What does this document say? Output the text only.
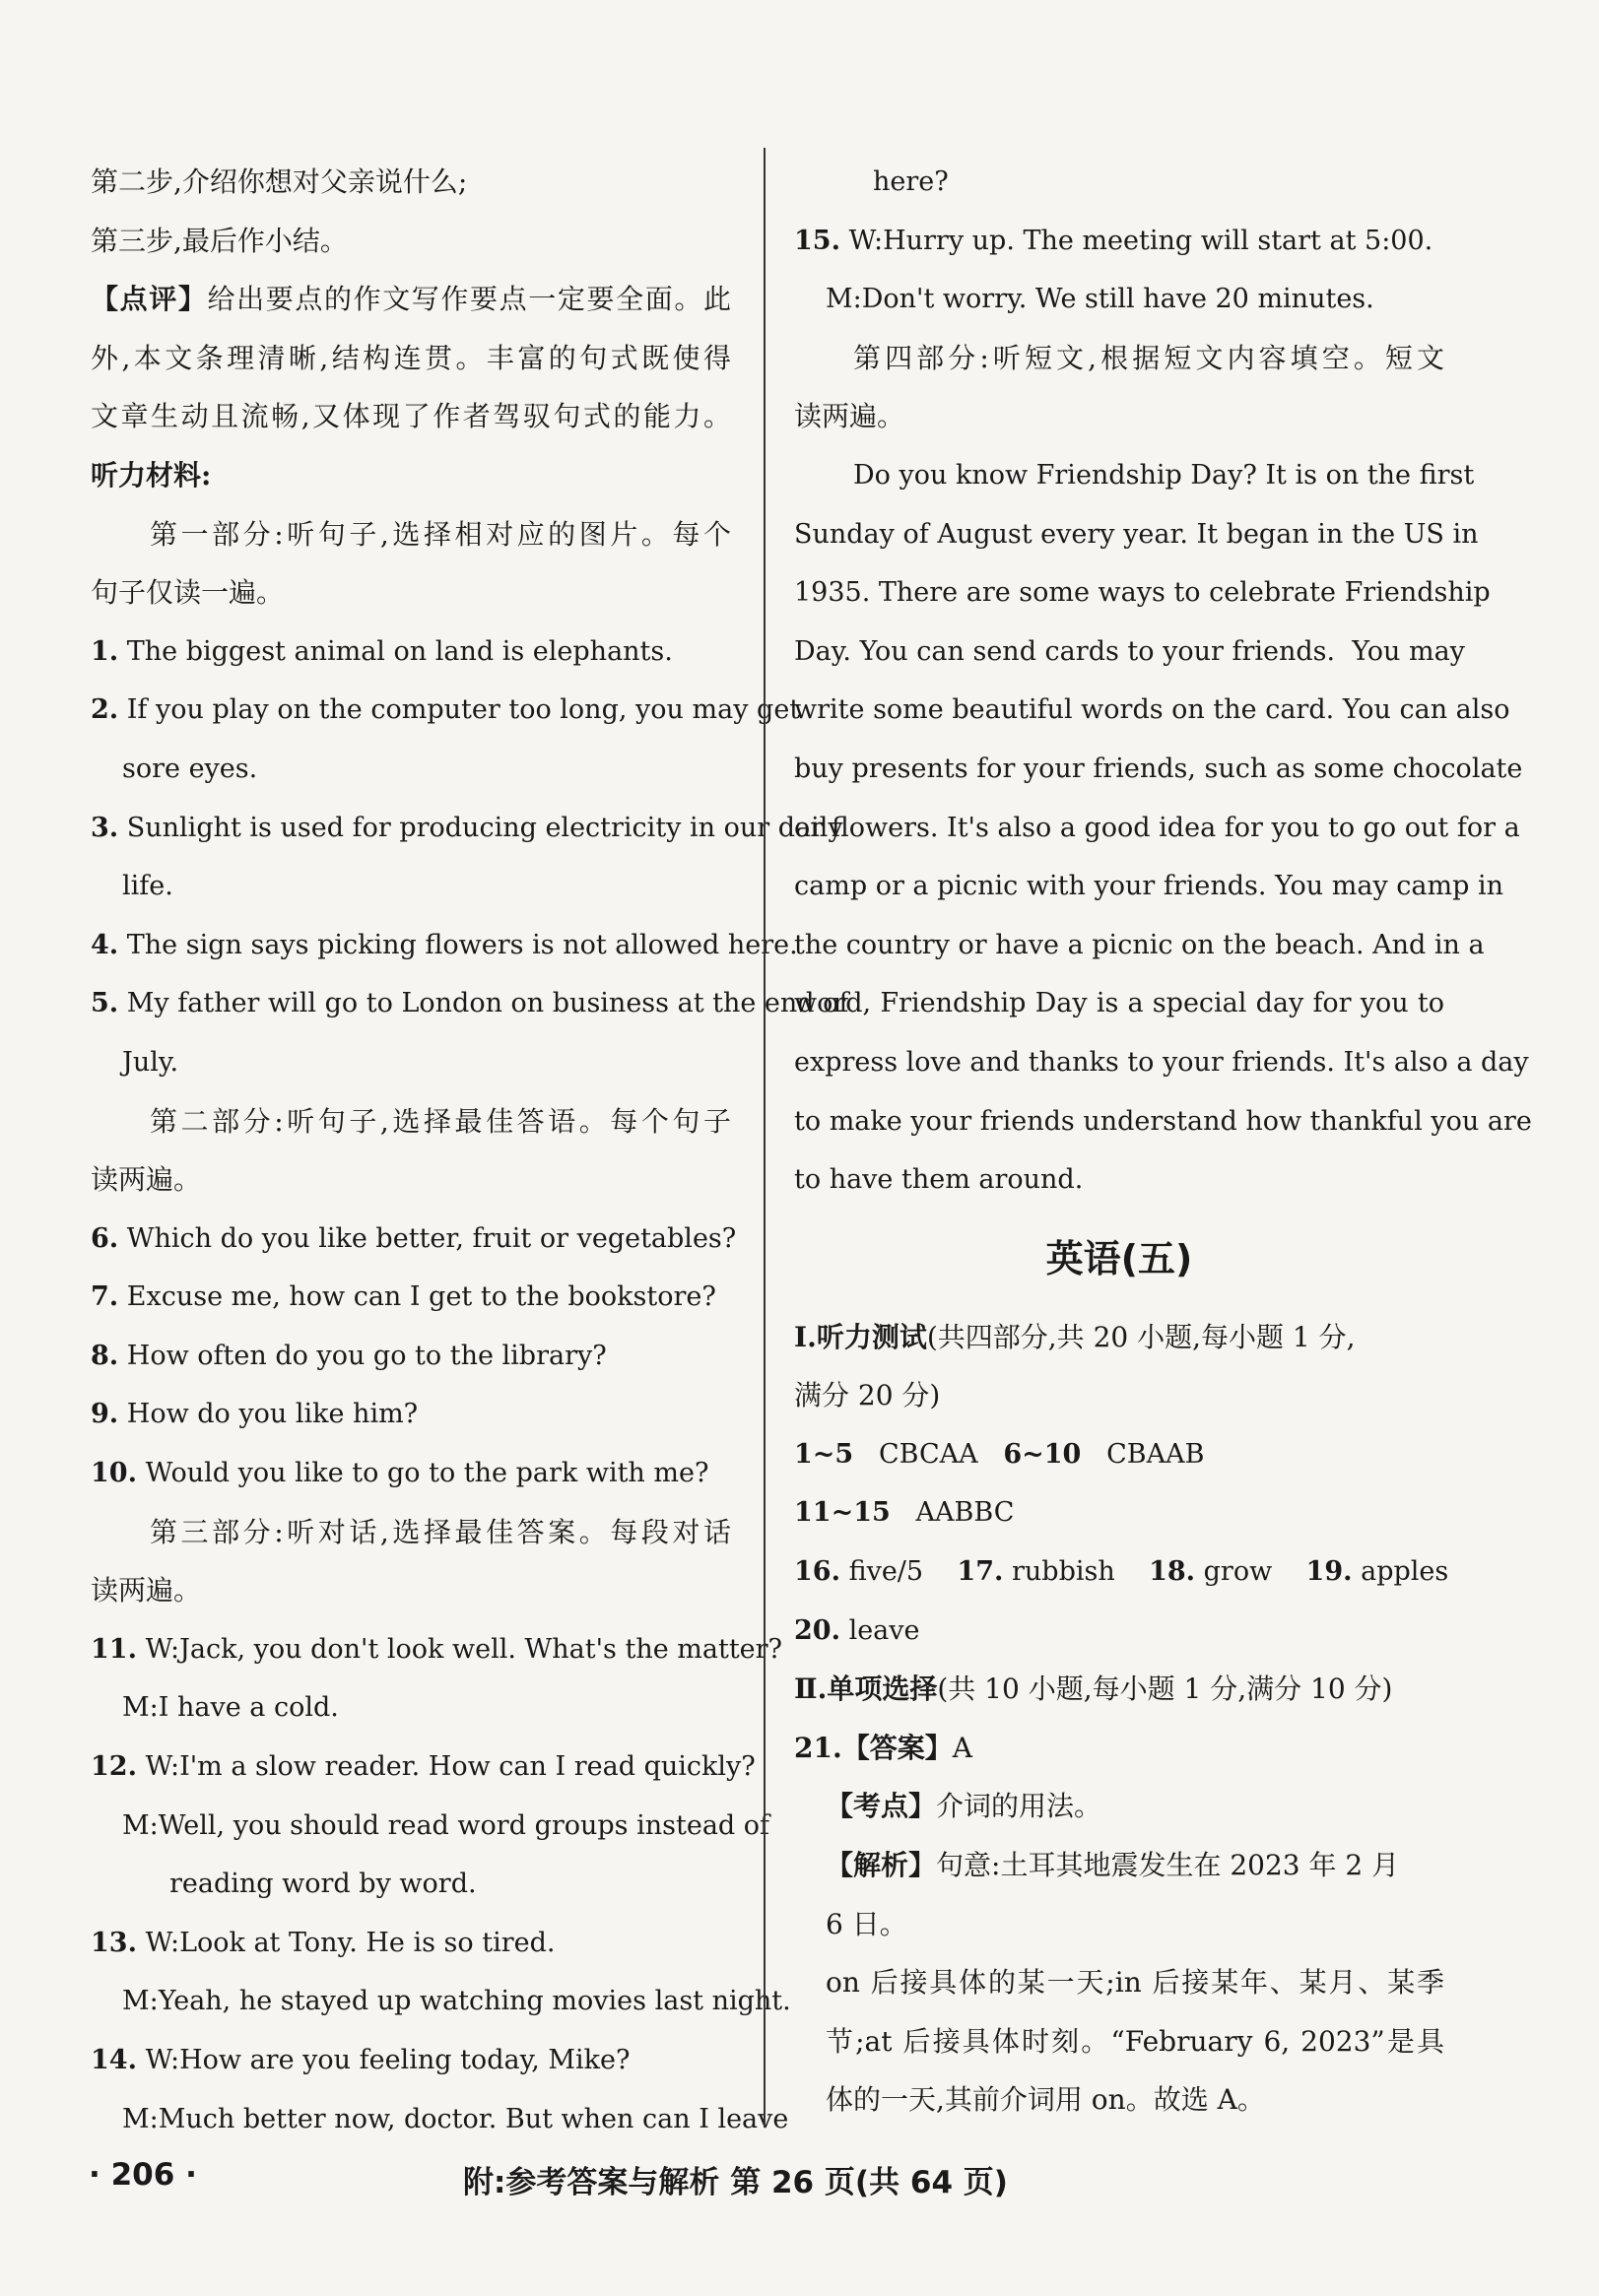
第二步,介绍你想对父亲说什么;
第三步,最后作小结。
【点评】给出要点的作文写作要点一定要全面。此
外,本文条理清晰,结构连贯。丰富的句式既使得
文章生动且流畅,又体现了作者驾驭句式的能力。
听力材料:
第一部分:听句子,选择相对应的图片。每个
句子仅读一遍。
1. The biggest animal on land is elephants.
2. If you play on the computer too long, you may get
sore eyes.
3. Sunlight is used for producing electricity in our daily
life.
4. The sign says picking flowers is not allowed here.
5. My father will go to London on business at the end of
July.
第二部分:听句子,选择最佳答语。每个句子
读两遍。
6. Which do you like better, fruit or vegetables?
7. Excuse me, how can I get to the bookstore?
8. How often do you go to the library?
9. How do you like him?
10. Would you like to go to the park with me?
第三部分:听对话,选择最佳答案。每段对话
读两遍。
11. W:Jack, you don't look well. What's the matter?
M:I have a cold.
12. W:I'm a slow reader. How can I read quickly?
M:Well, you should read word groups instead of
reading word by word.
13. W:Look at Tony. He is so tired.
M:Yeah, he stayed up watching movies last night.
14. W:How are you feeling today, Mike?
M:Much better now, doctor. But when can I leave
here?
15. W:Hurry up. The meeting will start at 5:00.
M:Don't worry. We still have 20 minutes.
第四部分:听短文,根据短文内容填空。短文
读两遍。
Do you know Friendship Day? It is on the first
Sunday of August every year. It began in the US in
1935. There are some ways to celebrate Friendship
Day. You can send cards to your friends.  You may
write some beautiful words on the card. You can also
buy presents for your friends, such as some chocolate
or flowers. It's also a good idea for you to go out for a
camp or a picnic with your friends. You may camp in
the country or have a picnic on the beach. And in a
word, Friendship Day is a special day for you to
express love and thanks to your friends. It's also a day
to make your friends understand how thankful you are
to have them around.
英语(五)
Ⅰ.听力测试(共四部分,共 20 小题,每小题 1 分,
满分 20 分)
1~5   CBCAA   6~10   CBAAB
11~15   AABBC
16. five/5    17. rubbish    18. grow    19. apples
20. leave
Ⅱ.单项选择(共 10 小题,每小题 1 分,满分 10 分)
21.【答案】A
【考点】介词的用法。
【解析】句意:土耳其地震发生在 2023 年 2 月
6 日。
on 后接具体的某一天;in 后接某年、某月、某季
节;at 后接具体时刻。“February 6, 2023”是具
体的一天,其前介词用 on。故选 A。
· 206 ·	附:参考答案与解析 第 26 页(共 64 页)
